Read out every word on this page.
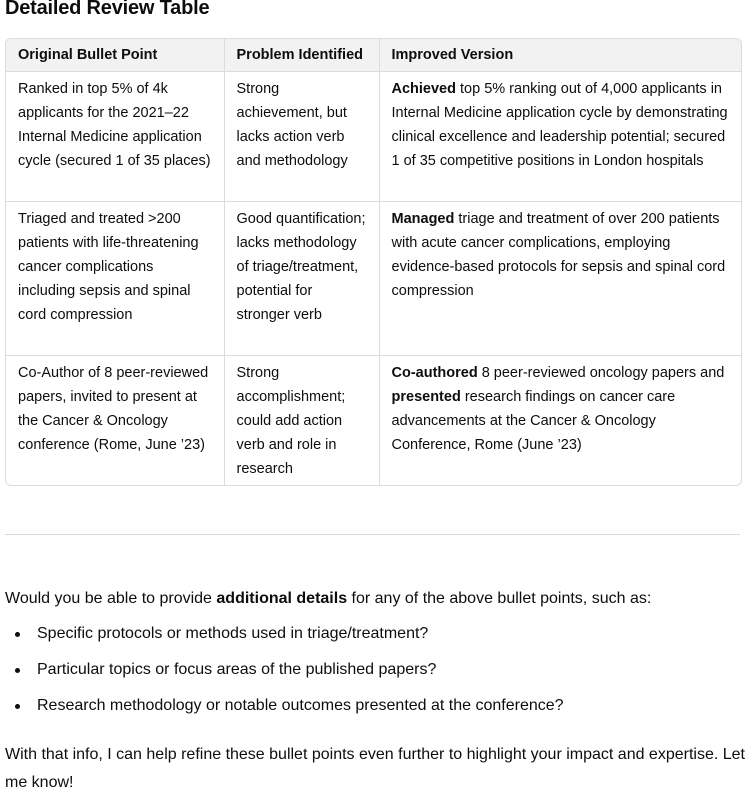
Detailed Review Table
Original Bullet Point	Problem Identified	Improved Version
Ranked in top 5% of 4k applicants for the 2021–22 Internal Medicine application cycle (secured 1 of 35 places)	Strong achievement, but lacks action verb and methodology	Achieved top 5% ranking out of 4,000 applicants in Internal Medicine application cycle by demonstrating clinical excellence and leadership potential; secured 1 of 35 competitive positions in London hospitals
Triaged and treated >200 patients with life-threatening cancer complications including sepsis and spinal cord compression	Good quantification; lacks methodology of triage/treatment, potential for stronger verb	Managed triage and treatment of over 200 patients with acute cancer complications, employing evidence-based protocols for sepsis and spinal cord compression
Co-Author of 8 peer-reviewed papers, invited to present at the Cancer & Oncology conference (Rome, June ’23)	Strong accomplishment; could add action verb and role in research	Co-authored 8 peer-reviewed oncology papers and presented research findings on cancer care advancements at the Cancer & Oncology Conference, Rome (June ’23)

Would you be able to provide additional details for any of the above bullet points, such as:

Specific protocols or methods used in triage/treatment?
Particular topics or focus areas of the published papers?
Research methodology or notable outcomes presented at the conference?

With that info, I can help refine these bullet points even further to highlight your impact and expertise. Let me know!
